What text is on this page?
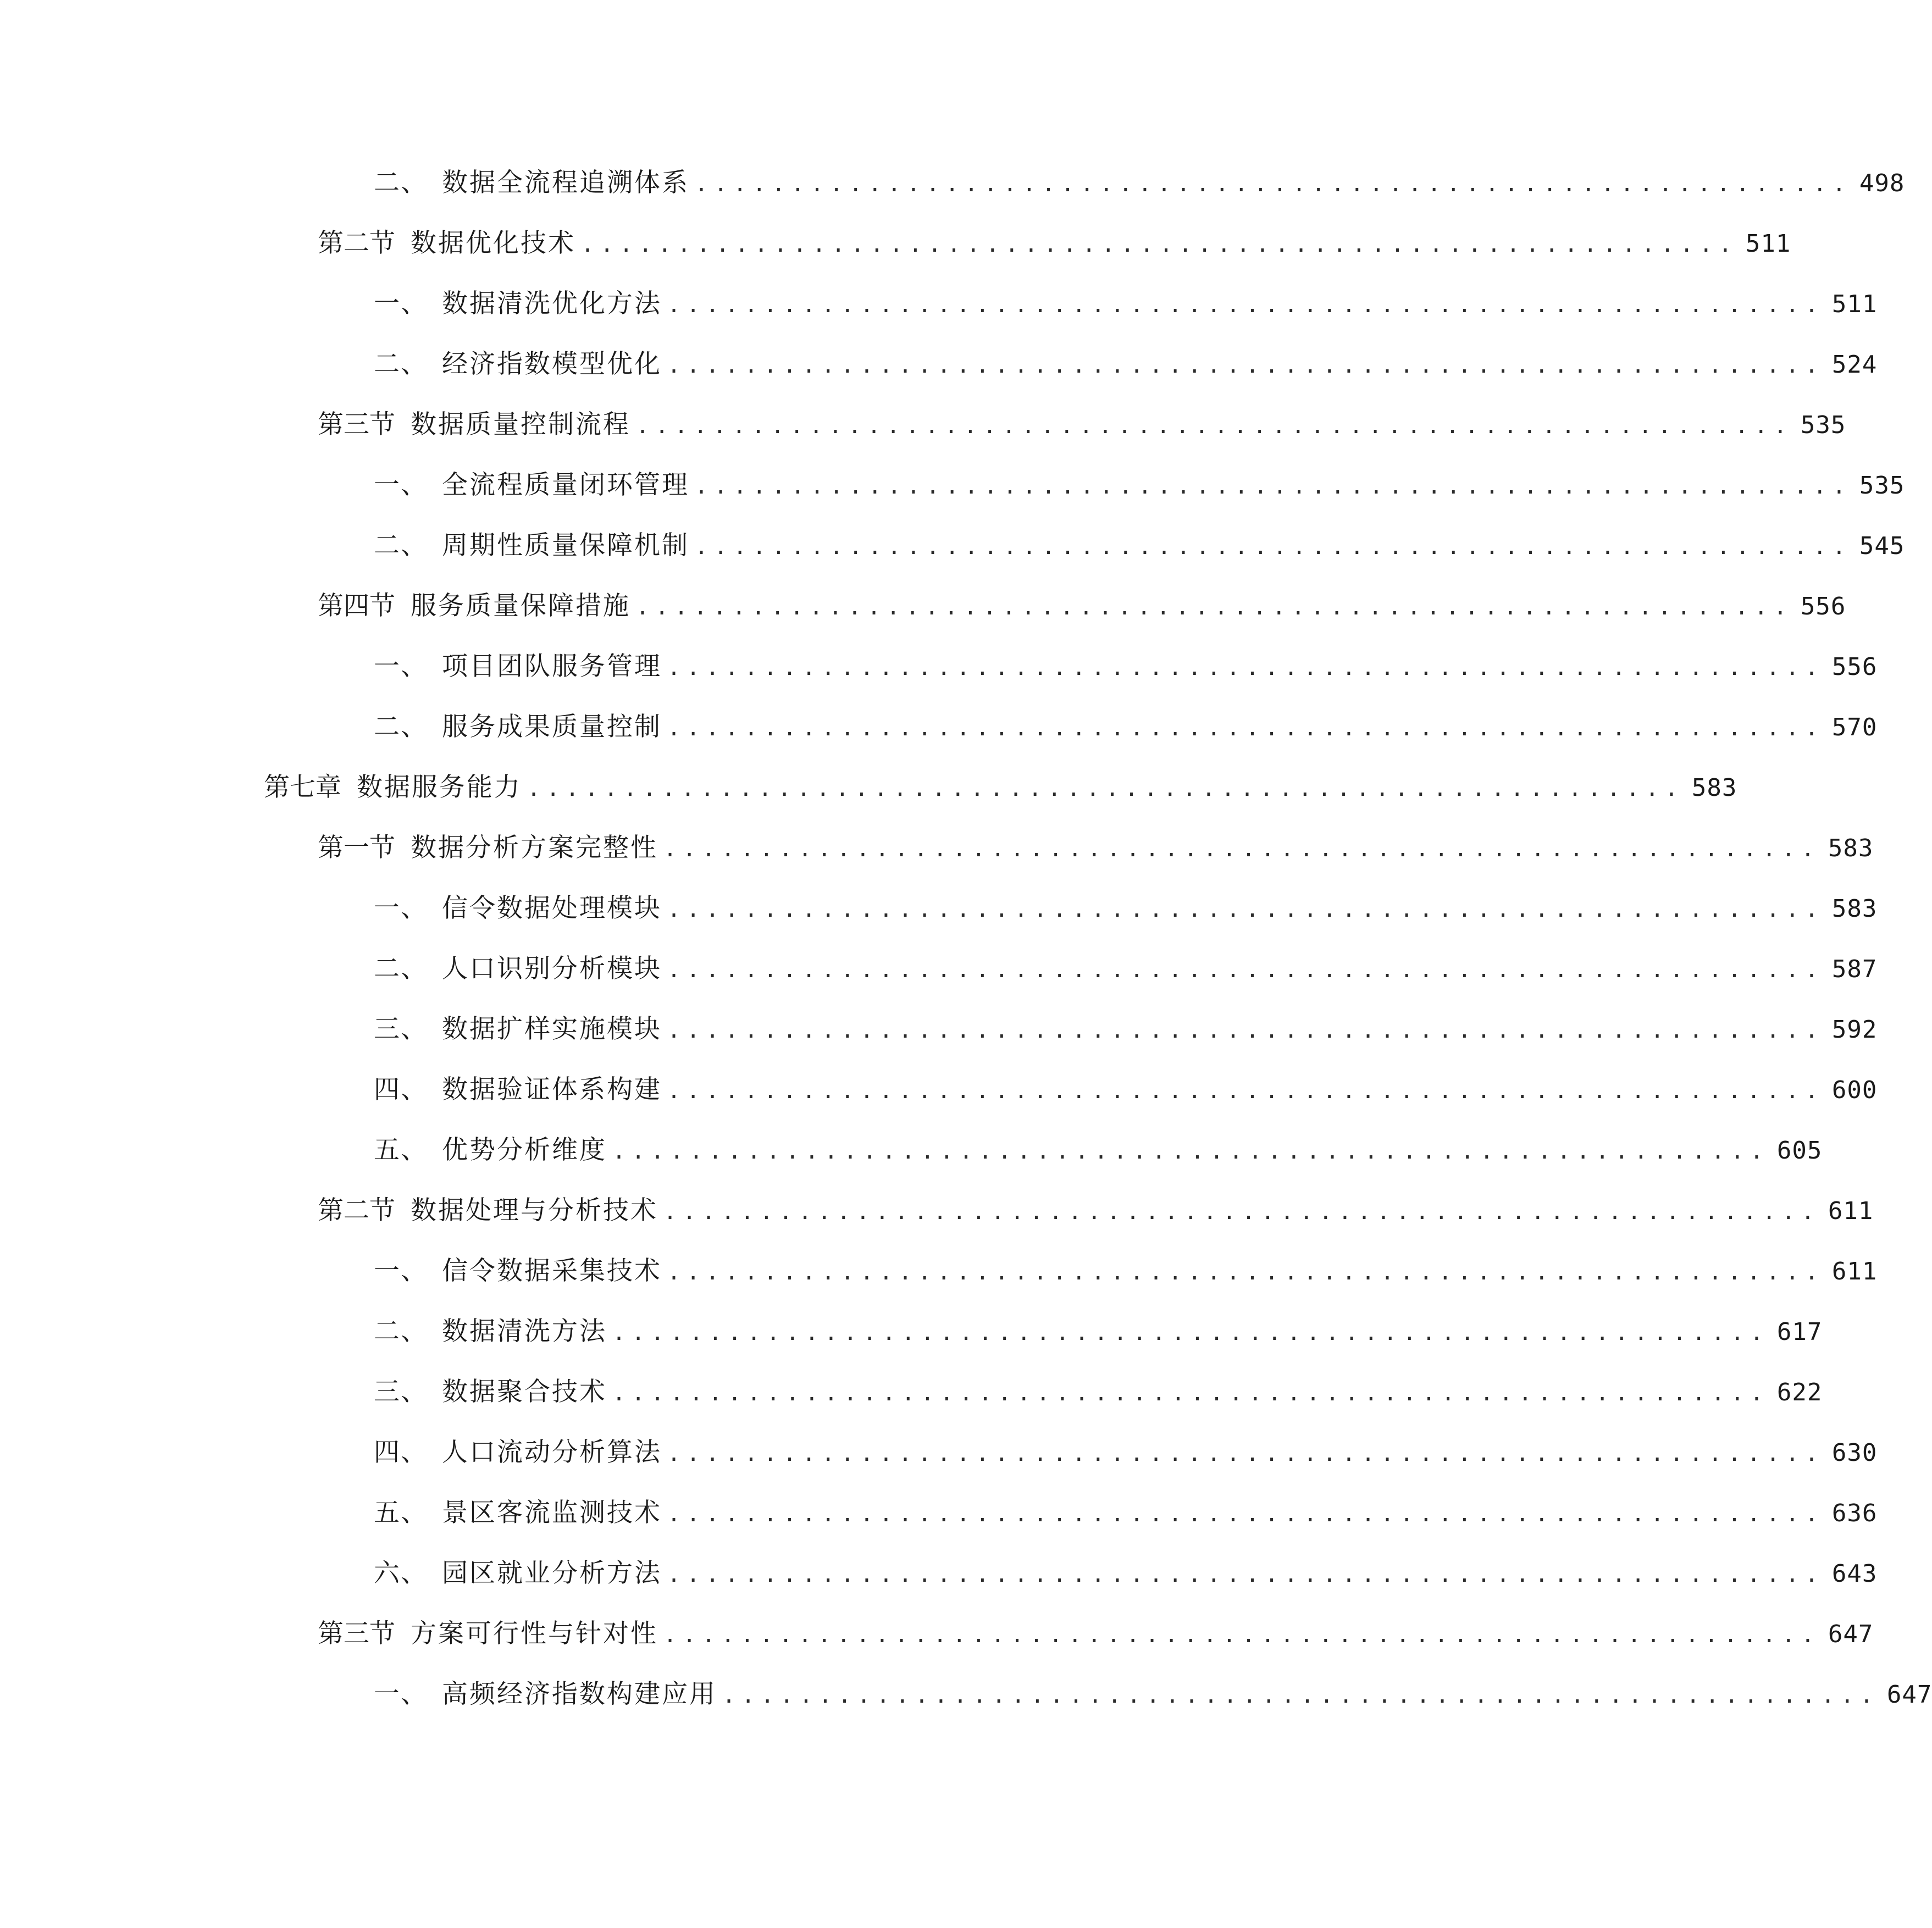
二、 数据全流程追溯体系 ............................................................ 498
第二节 数据优化技术 ............................................................ 511
一、 数据清洗优化方法 ............................................................ 511
二、 经济指数模型优化 ............................................................ 524
第三节 数据质量控制流程 ............................................................ 535
一、 全流程质量闭环管理 ............................................................ 535
二、 周期性质量保障机制 ............................................................ 545
第四节 服务质量保障措施 ............................................................ 556
一、 项目团队服务管理 ............................................................ 556
二、 服务成果质量控制 ............................................................ 570
第七章 数据服务能力 ............................................................ 583
第一节 数据分析方案完整性 ............................................................ 583
一、 信令数据处理模块 ............................................................ 583
二、 人口识别分析模块 ............................................................ 587
三、 数据扩样实施模块 ............................................................ 592
四、 数据验证体系构建 ............................................................ 600
五、 优势分析维度 ............................................................ 605
第二节 数据处理与分析技术 ............................................................ 611
一、 信令数据采集技术 ............................................................ 611
二、 数据清洗方法 ............................................................ 617
三、 数据聚合技术 ............................................................ 622
四、 人口流动分析算法 ............................................................ 630
五、 景区客流监测技术 ............................................................ 636
六、 园区就业分析方法 ............................................................ 643
第三节 方案可行性与针对性 ............................................................ 647
一、 高频经济指数构建应用 ............................................................ 647
